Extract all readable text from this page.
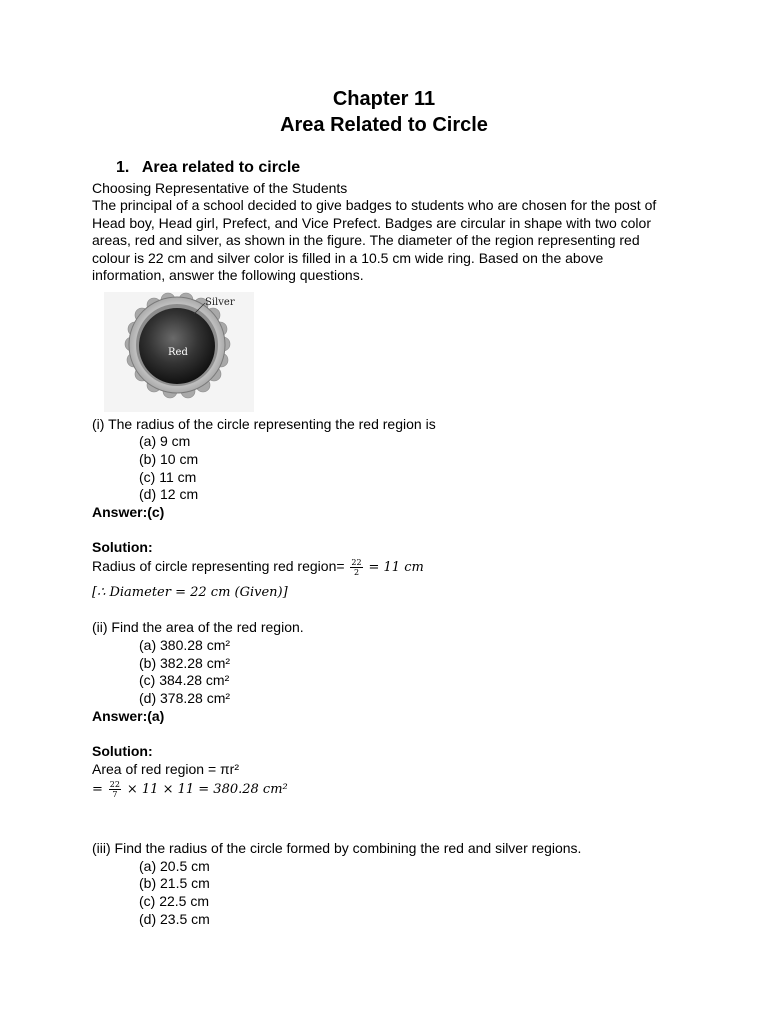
Chapter 11
Area Related to Circle
1. Area related to circle
Choosing Representative of the Students
The principal of a school decided to give badges to students who are chosen for the post of Head boy, Head girl, Prefect, and Vice Prefect. Badges are circular in shape with two color areas, red and silver, as shown in the figure. The diameter of the region representing red colour is 22 cm and silver color is filled in a 10.5 cm wide ring. Based on the above information, answer the following questions.
Red
Silver
(i) The radius of the circle representing the red region is
(a) 9 cm
(b) 10 cm
(c) 11 cm
(d) 12 cm
Answer:(c)
Solution:
Radius of circle representing red region= $\frac{22}{2} = 11$ cm
[∴ Diameter = 22 cm (Given)]
(ii) Find the area of the red region.
(a) 380.28 cm²
(b) 382.28 cm²
(c) 384.28 cm²
(d) 378.28 cm²
Answer:(a)
Solution:
Area of red region = πr²
= $\frac{22}{7} \times 11 \times 11 = 380.28$ cm²
(iii) Find the radius of the circle formed by combining the red and silver regions.
(a) 20.5 cm
(b) 21.5 cm
(c) 22.5 cm
(d) 23.5 cm
